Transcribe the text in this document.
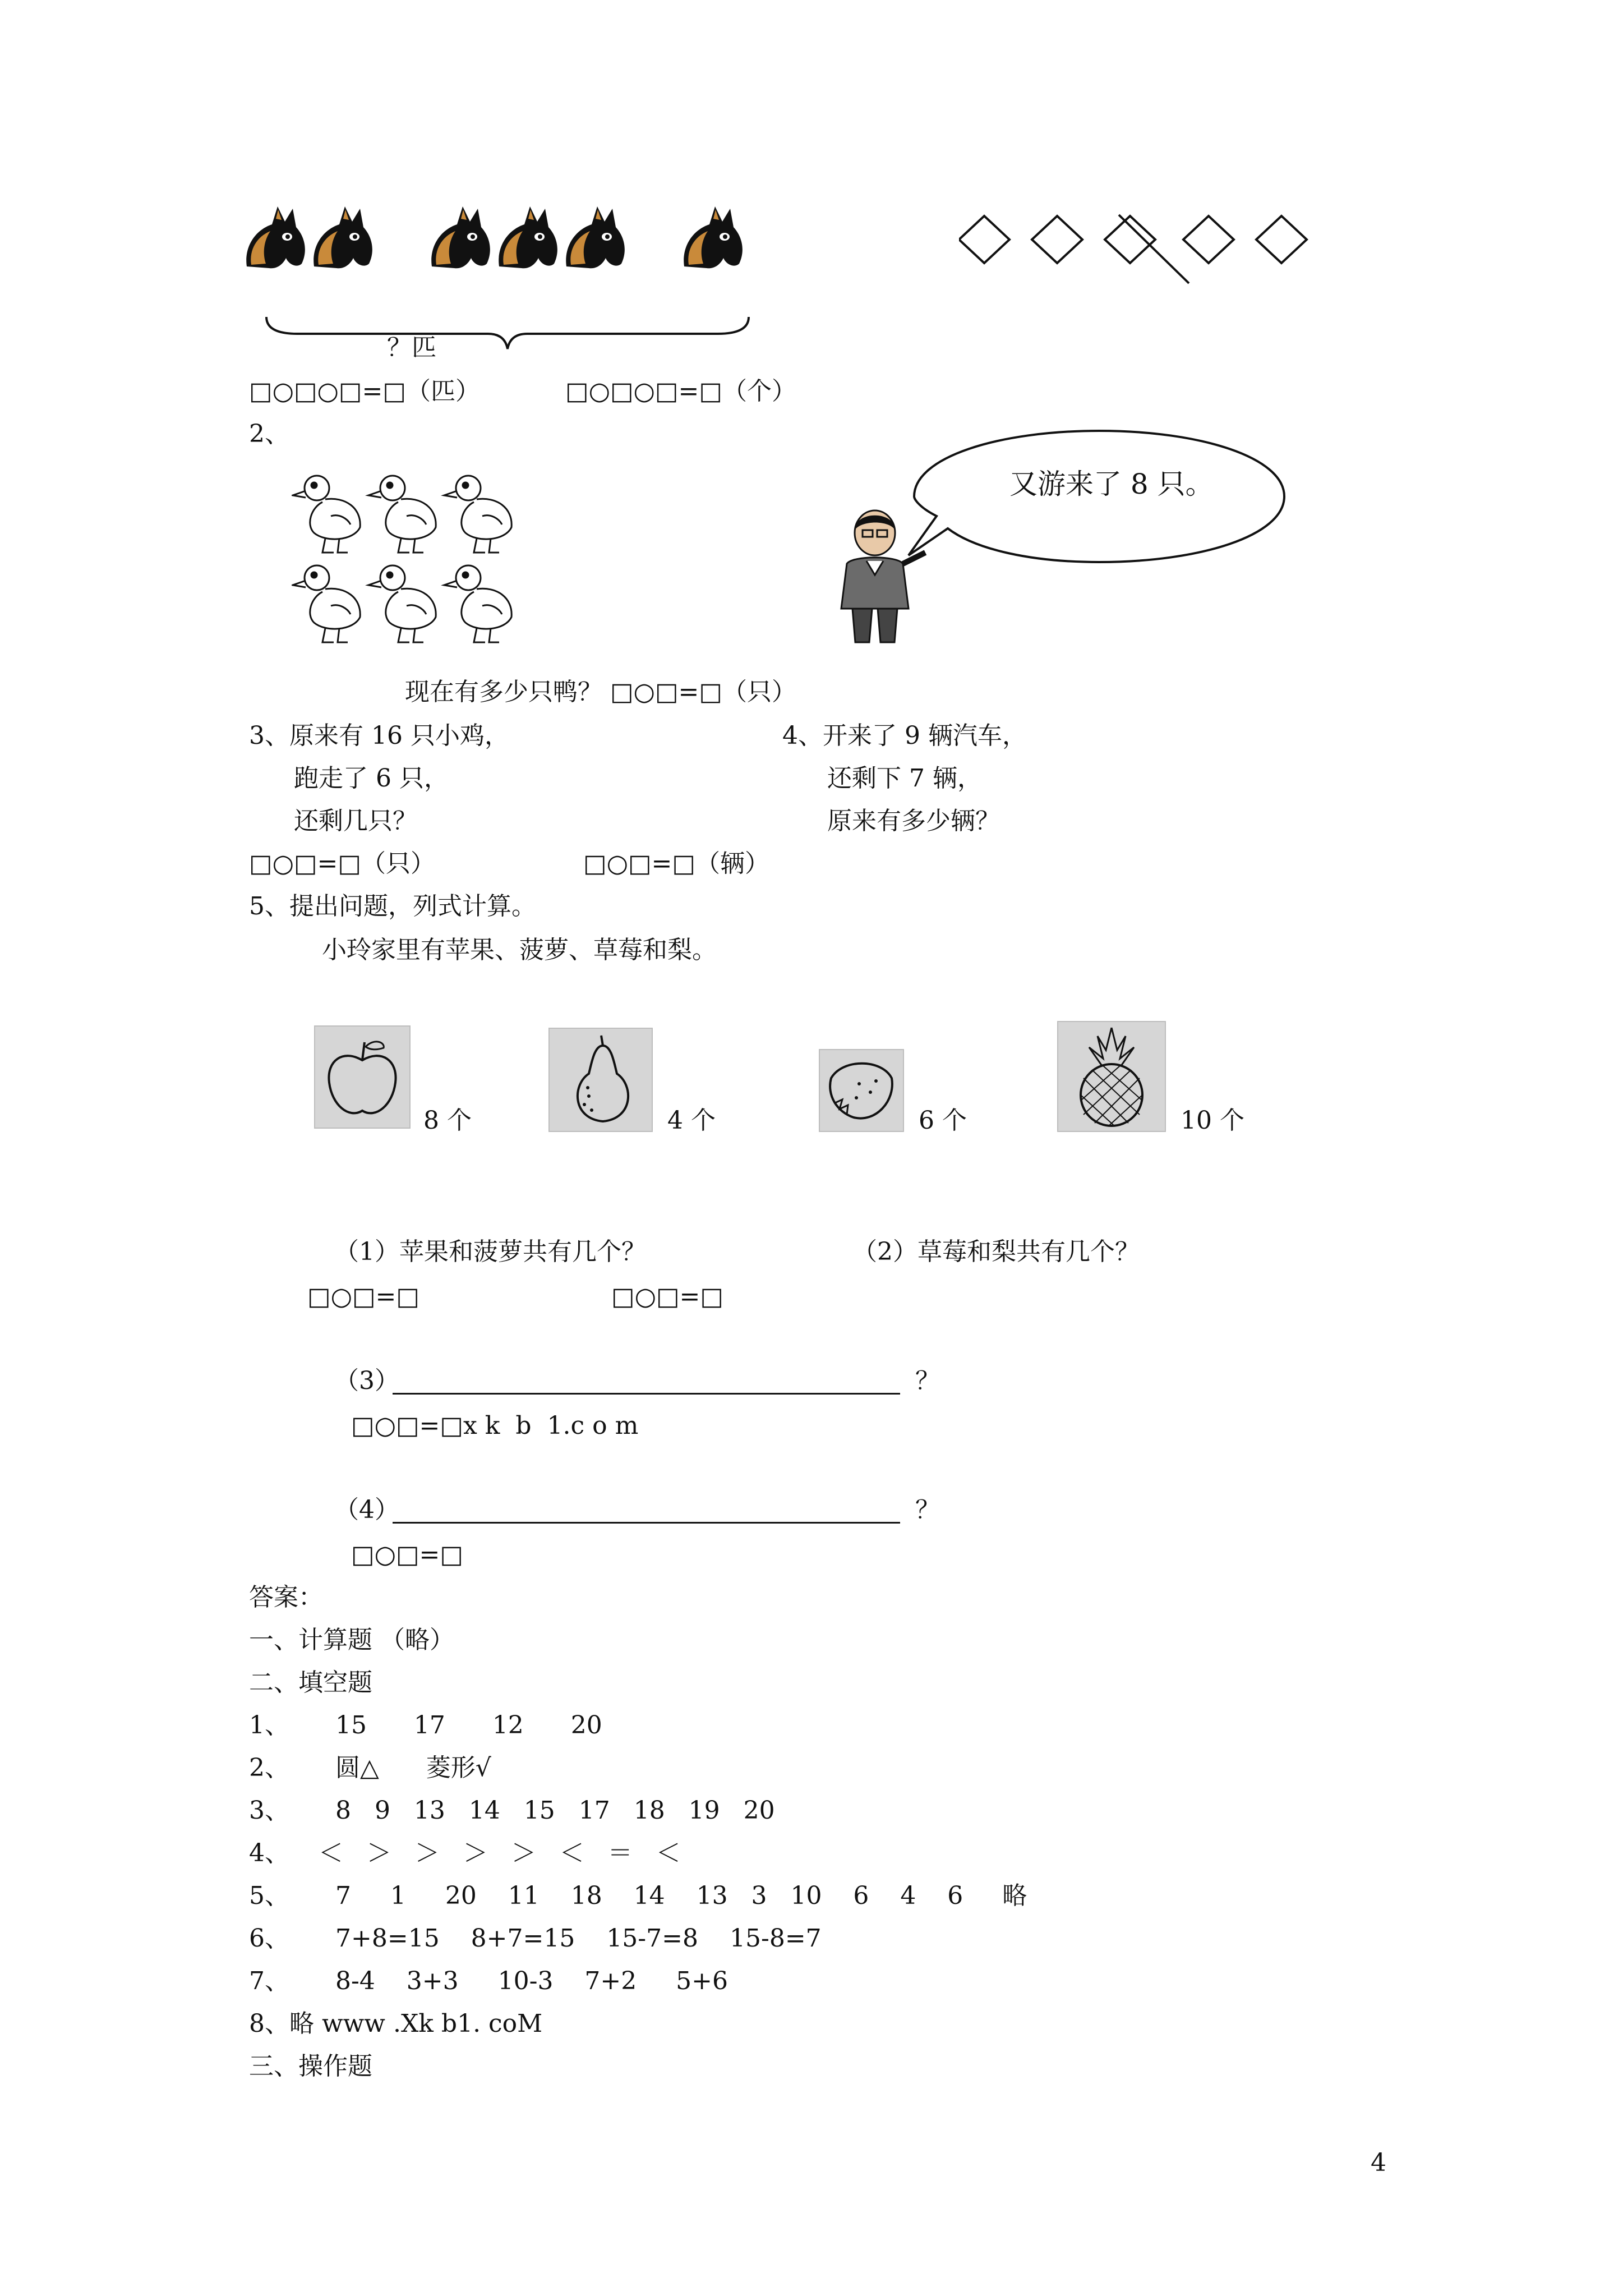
？匹
□○□○□=□（匹）	□○□○□=□（个）
2、
又游来了 8 只。
现在有多少只鸭？ □○□=□（只）
3、原来有 16 只小鸡，
跑走了 6 只，
还剩几只？
□○□=□（只）
4、开来了 9 辆汽车，
还剩下 7 辆，
原来有多少辆？
□○□=□（辆）
5、提出问题，列式计算。
小玲家里有苹果、菠萝、草莓和梨。
8 个	4 个	6 个	10 个
（1）苹果和菠萝共有几个？	（2）草莓和梨共有几个？
□○□=□	□○□=□
（3）	？
□○□=□x k  b  1.c o m
（4）	？
□○□=□
答案：
一、计算题 （略）
二、填空题
1、 15      17      12      20
2、 圆△      菱形√
3、 8   9   13   14   15   17   18   19   20
4、 ＜   ＞   ＞   ＞   ＞   ＜   ＝   ＜
5、 7     1     20    11    18    14    13   3   10    6    4    6     略
6、 7+8=15    8+7=15    15-7=8    15-8=7
7、 8-4    3+3     10-3    7+2     5+6
8、略 www .Xk b1. coM
三、操作题
4
